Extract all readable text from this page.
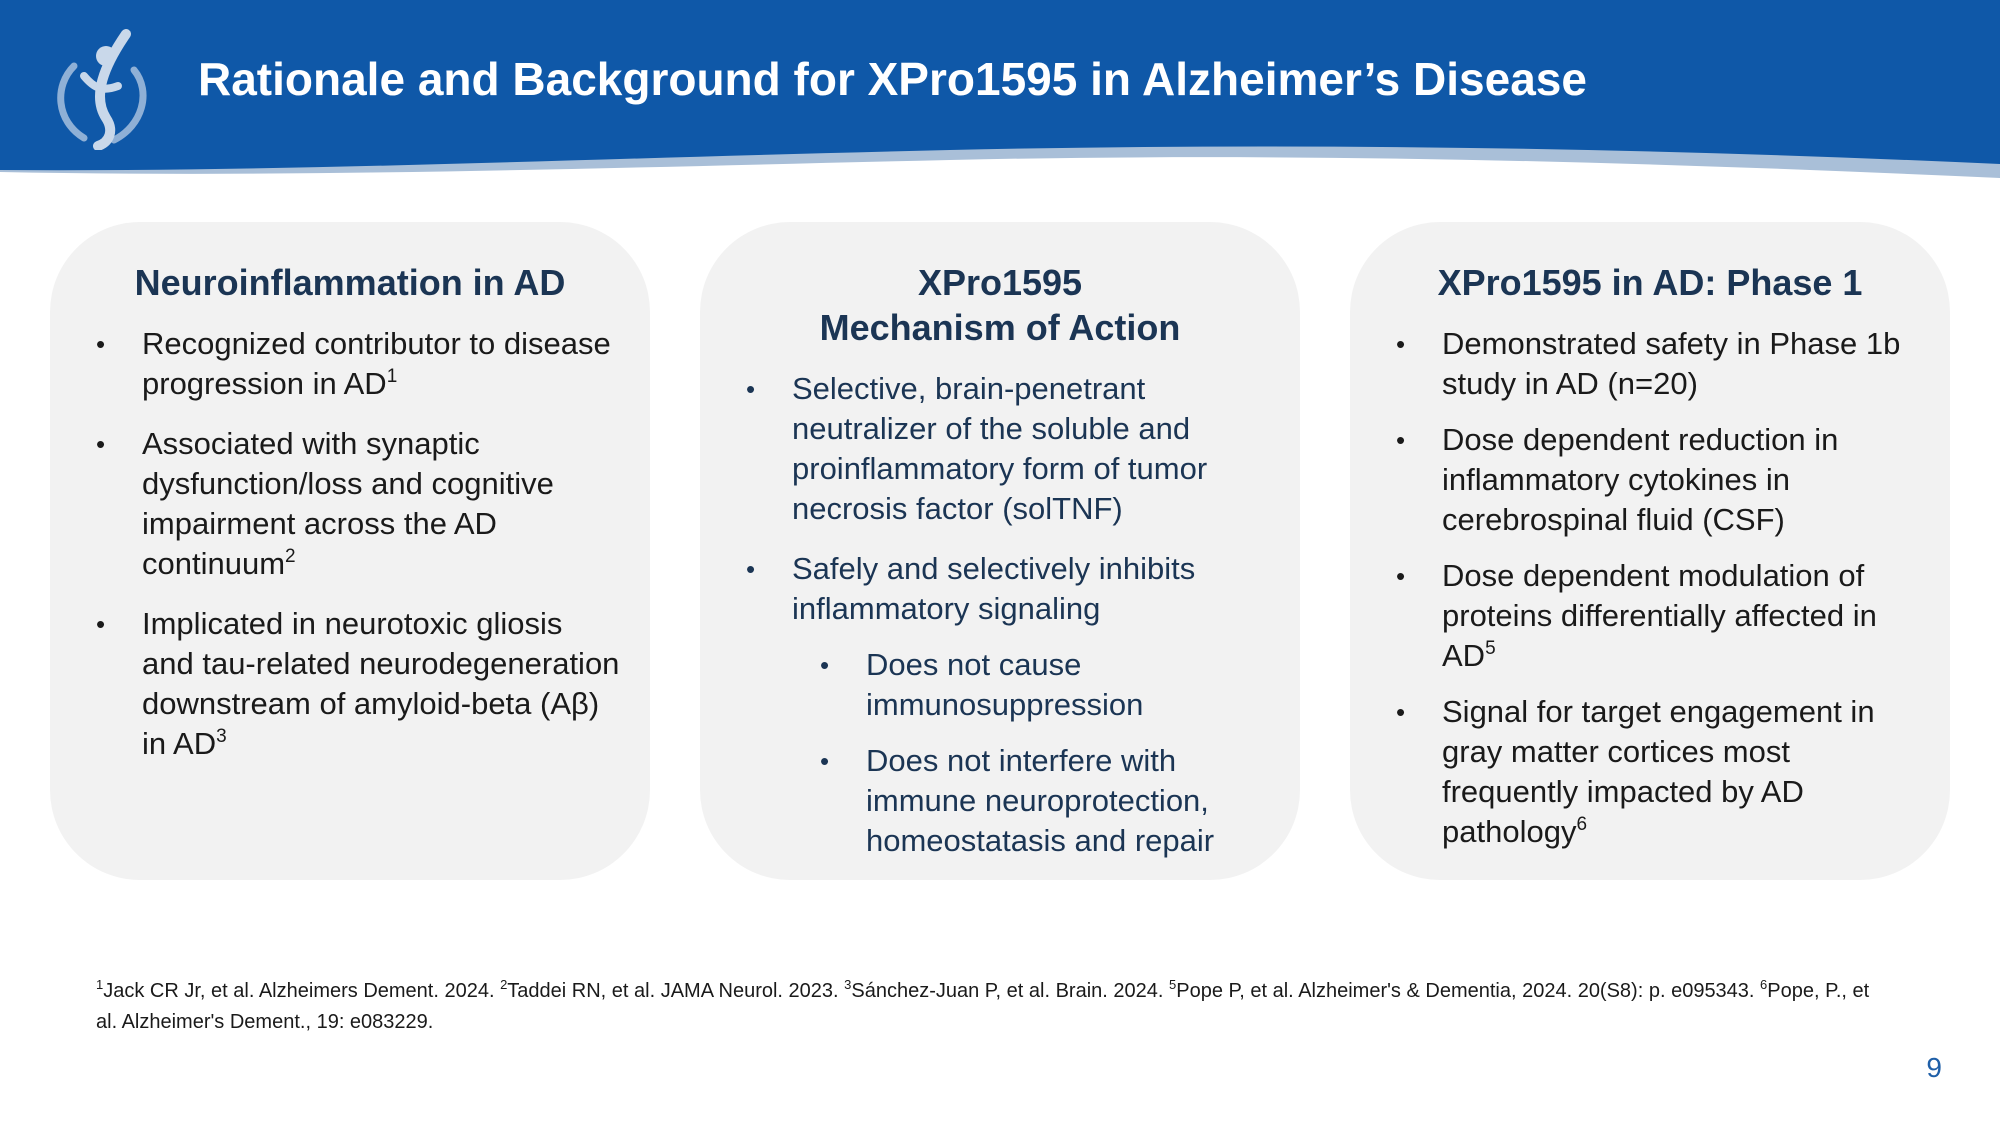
Rationale and Background for XPro1595 in Alzheimer’s Disease
Neuroinflammation in AD
• Recognized contributor to disease progression in $AD^1$
• Associated with synaptic dysfunction/loss and cognitive impairment across the AD continuum$^2$
• Implicated in neurotoxic gliosis and tau-related neurodegeneration downstream of amyloid-beta (Aβ) in $AD^3$
XPro1595
Mechanism of Action
• Selective, brain-penetrant neutralizer of the soluble and proinflammatory form of tumor necrosis factor (solTNF)
• Safely and selectively inhibits inflammatory signaling
• Does not cause immunosuppression
• Does not interfere with immune neuroprotection, homeostatasis and repair
XPro1595 in AD: Phase 1
• Demonstrated safety in Phase 1b study in AD (n=20)
• Dose dependent reduction in inflammatory cytokines in cerebrospinal fluid (CSF)
• Dose dependent modulation of proteins differentially affected in $AD^5$
• Signal for target engagement in gray matter cortices most frequently impacted by AD pathology$^6$
$^1$Jack CR Jr, et al. Alzheimers Dement. 2024. $^2$Taddei RN, et al. JAMA Neurol. 2023. $^3$Sánchez-Juan P, et al. Brain. 2024. $^5$Pope P, et al. Alzheimer's & Dementia, 2024. 20(S8): p. e095343. $^6$Pope, P., et al. Alzheimer's Dement., 19: e083229.
9
